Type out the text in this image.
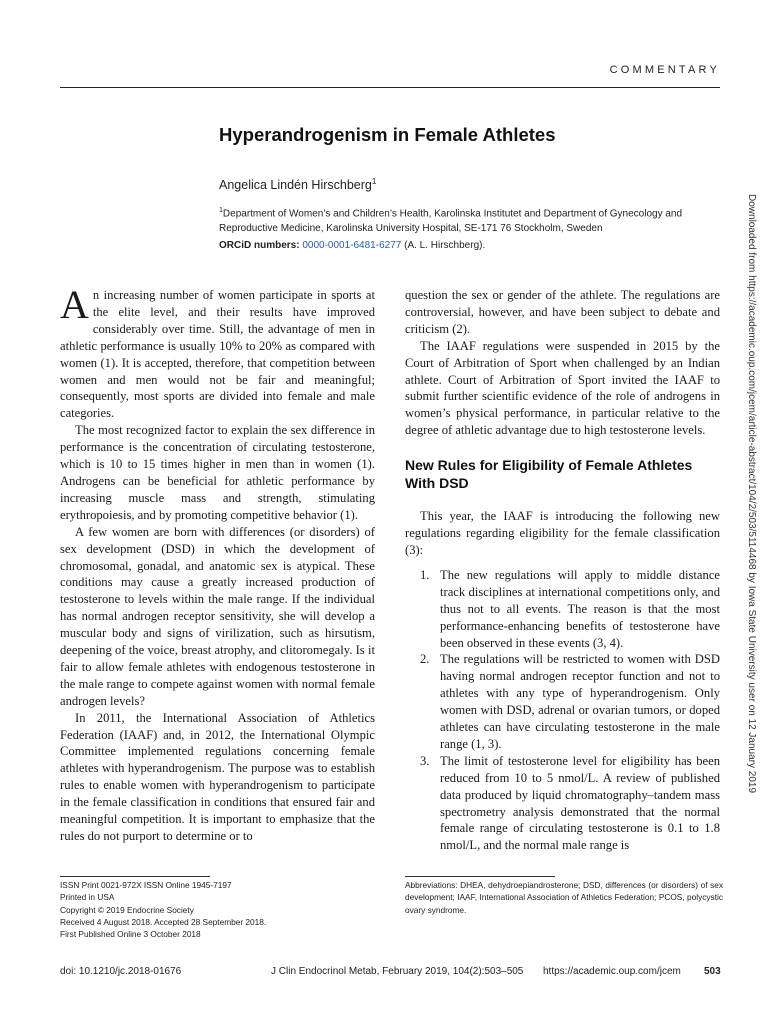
COMMENTARY
Hyperandrogenism in Female Athletes
Angelica Lindén Hirschberg$^1$
$^1$Department of Women’s and Children’s Health, Karolinska Institutet and Department of Gynecology and Reproductive Medicine, Karolinska University Hospital, SE-171 76 Stockholm, Sweden
ORCiD numbers: 0000-0001-6481-6277 (A. L. Hirschberg).

An increasing number of women participate in sports at the elite level, and their results have improved considerably over time. Still, the advantage of men in athletic performance is usually 10% to 20% as compared with women (1). It is accepted, therefore, that competition between women and men would not be fair and meaningful; consequently, most sports are divided into female and male categories.

The most recognized factor to explain the sex difference in performance is the concentration of circulating testosterone, which is 10 to 15 times higher in men than in women (1). Androgens can be beneficial for athletic performance by increasing muscle mass and strength, stimulating erythropoiesis, and by promoting competitive behavior (1).

A few women are born with differences (or disorders) of sex development (DSD) in which the development of chromosomal, gonadal, and anatomic sex is atypical. These conditions may cause a greatly increased production of testosterone to levels within the male range. If the individual has normal androgen receptor sensitivity, she will develop a muscular body and signs of virilization, such as hirsutism, deepening of the voice, breast atrophy, and clitoromegaly. Is it fair to allow female athletes with endogenous testosterone in the male range to compete against women with normal female androgen levels?

In 2011, the International Association of Athletics Federation (IAAF) and, in 2012, the International Olympic Committee implemented regulations concerning female athletes with hyperandrogenism. The purpose was to establish rules to enable women with hyperandrogenism to participate in the female classification in conditions that ensured fair and meaningful competition. It is important to emphasize that the rules do not purport to determine or to

question the sex or gender of the athlete. The regulations are controversial, however, and have been subject to debate and criticism (2).

The IAAF regulations were suspended in 2015 by the Court of Arbitration of Sport when challenged by an Indian athlete. Court of Arbitration of Sport invited the IAAF to submit further scientific evidence of the role of androgens in women’s physical performance, in particular relative to the degree of athletic advantage due to high testosterone levels.

New Rules for Eligibility of Female Athletes With DSD

This year, the IAAF is introducing the following new regulations regarding eligibility for the female classification (3):

1. The new regulations will apply to middle distance track disciplines at international competitions only, and thus not to all events. The reason is that the most performance-enhancing benefits of testosterone have been observed in these events (3, 4).
2. The regulations will be restricted to women with DSD having normal androgen receptor function and not to athletes with any type of hyperandrogenism. Only women with DSD, adrenal or ovarian tumors, or doped athletes can have circulating testosterone in the male range (1, 3).
3. The limit of testosterone level for eligibility has been reduced from 10 to 5 nmol/L. A review of published data produced by liquid chromatography–tandem mass spectrometry analysis demonstrated that the normal female range of circulating testosterone is 0.1 to 1.8 nmol/L, and the normal male range is
ISSN Print 0021-972X ISSN Online 1945-7197
Printed in USA
Copyright © 2019 Endocrine Society
Received 4 August 2018. Accepted 28 September 2018.
First Published Online 3 October 2018
Abbreviations: DHEA, dehydroepiandrosterone; DSD, differences (or disorders) of sex development; IAAF, International Association of Athletics Federation; PCOS, polycystic ovary syndrome.
doi: 10.1210/jc.2018-01676	J Clin Endocrinol Metab, February 2019, 104(2):503–505 https://academic.oup.com/jcem 503
Downloaded from https://academic.oup.com/jcem/article-abstract/104/2/503/5114468 by Iowa State University user on 12 January 2019
